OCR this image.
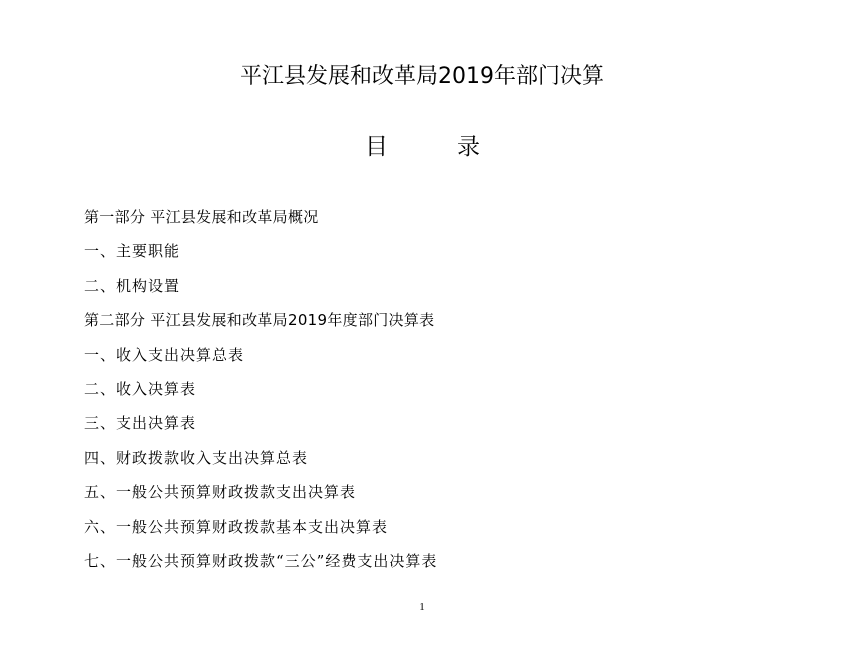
平江县发展和改革局2019年部门决算
目	录
第一部分 平江县发展和改革局概况
一、主要职能
二、机构设置
第二部分 平江县发展和改革局2019年度部门决算表
一、收入支出决算总表
二、收入决算表
三、支出决算表
四、财政拨款收入支出决算总表
五、一般公共预算财政拨款支出决算表
六、一般公共预算财政拨款基本支出决算表
七、一般公共预算财政拨款“三公”经费支出决算表
1
